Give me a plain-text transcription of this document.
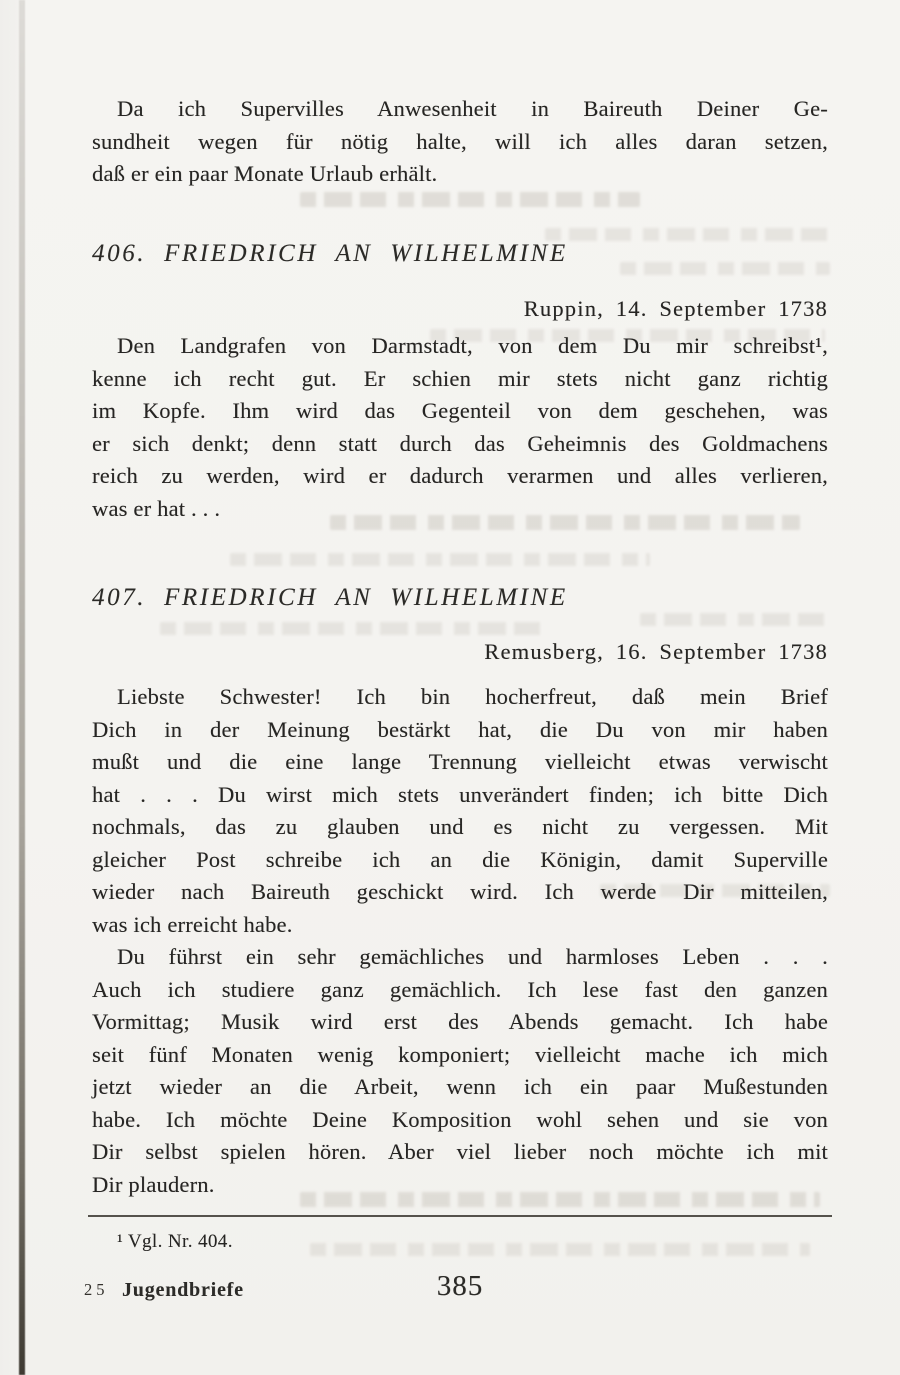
Da ich Supervilles Anwesenheit in Baireuth Deiner Ge-
sundheit wegen für nötig halte, will ich alles daran setzen,
daß er ein paar Monate Urlaub erhält.
406. FRIEDRICH AN WILHELMINE
Ruppin, 14. September 1738
Den Landgrafen von Darmstadt, von dem Du mir schreibst¹,
kenne ich recht gut. Er schien mir stets nicht ganz richtig
im Kopfe. Ihm wird das Gegenteil von dem geschehen, was
er sich denkt; denn statt durch das Geheimnis des Goldmachens
reich zu werden, wird er dadurch verarmen und alles verlieren,
was er hat . . .
407. FRIEDRICH AN WILHELMINE
Remusberg, 16. September 1738
Liebste Schwester! Ich bin hocherfreut, daß mein Brief
Dich in der Meinung bestärkt hat, die Du von mir haben
mußt und die eine lange Trennung vielleicht etwas verwischt
hat . . . Du wirst mich stets unverändert finden; ich bitte Dich
nochmals, das zu glauben und es nicht zu vergessen. Mit
gleicher Post schreibe ich an die Königin, damit Superville
wieder nach Baireuth geschickt wird. Ich werde Dir mitteilen,
was ich erreicht habe.
Du führst ein sehr gemächliches und harmloses Leben . . .
Auch ich studiere ganz gemächlich. Ich lese fast den ganzen
Vormittag; Musik wird erst des Abends gemacht. Ich habe
seit fünf Monaten wenig komponiert; vielleicht mache ich mich
jetzt wieder an die Arbeit, wenn ich ein paar Mußestunden
habe. Ich möchte Deine Komposition wohl sehen und sie von
Dir selbst spielen hören. Aber viel lieber noch möchte ich mit
Dir plaudern.
¹ Vgl. Nr. 404.
25 Jugendbriefe	385
